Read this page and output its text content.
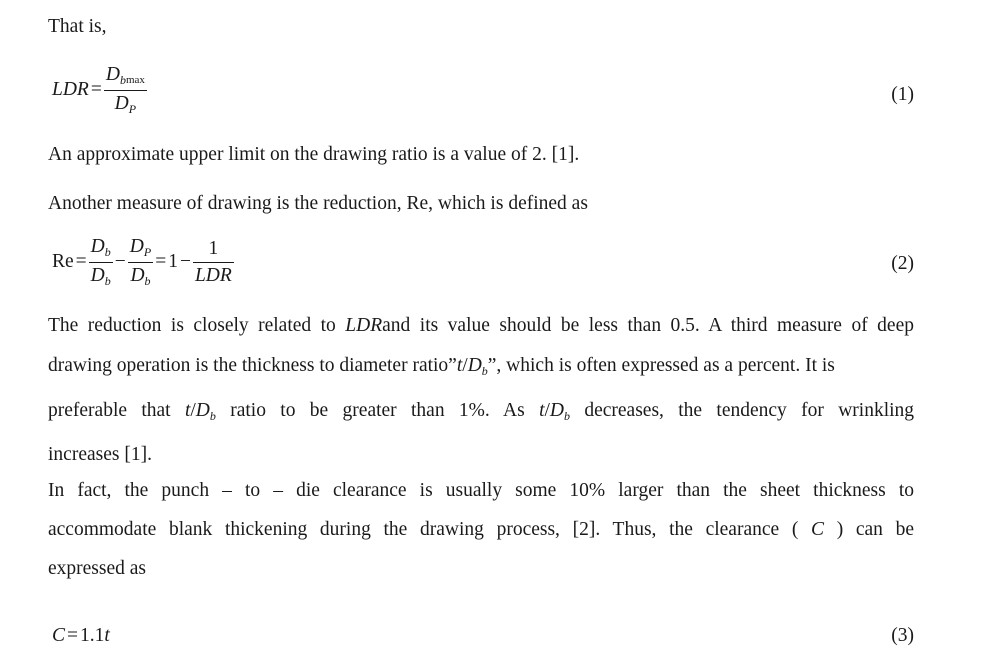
That is,
LDR = $\frac{D_b\max}{D_P}$	(1)
An approximate upper limit on the drawing ratio is a value of 2. [1].
Another measure of drawing is the reduction, Re, which is defined as
$Re = \frac{D_b}{D_b} - \frac{D_P}{D_b} = 1 - \frac{1}{\text{LDR}}$	(2)
The reduction is closely related to LDRand its value should be less than 0.5. A third measure of deep
drawing operation is the thickness to diameter $ratio”t/D_b$”, which is often expressed as a percent. It is
preferable that $t/D_b$ ratio to be greater than 1%. As $t/D_b$ decreases, the tendency for wrinkling
increases [1].
In fact, the punch – to – die clearance is usually some 10% larger than the sheet thickness to
accommodate blank thickening during the drawing process, [2]. Thus, the clearance ( C ) can be
expressed as
C = 1.1t	(3)
